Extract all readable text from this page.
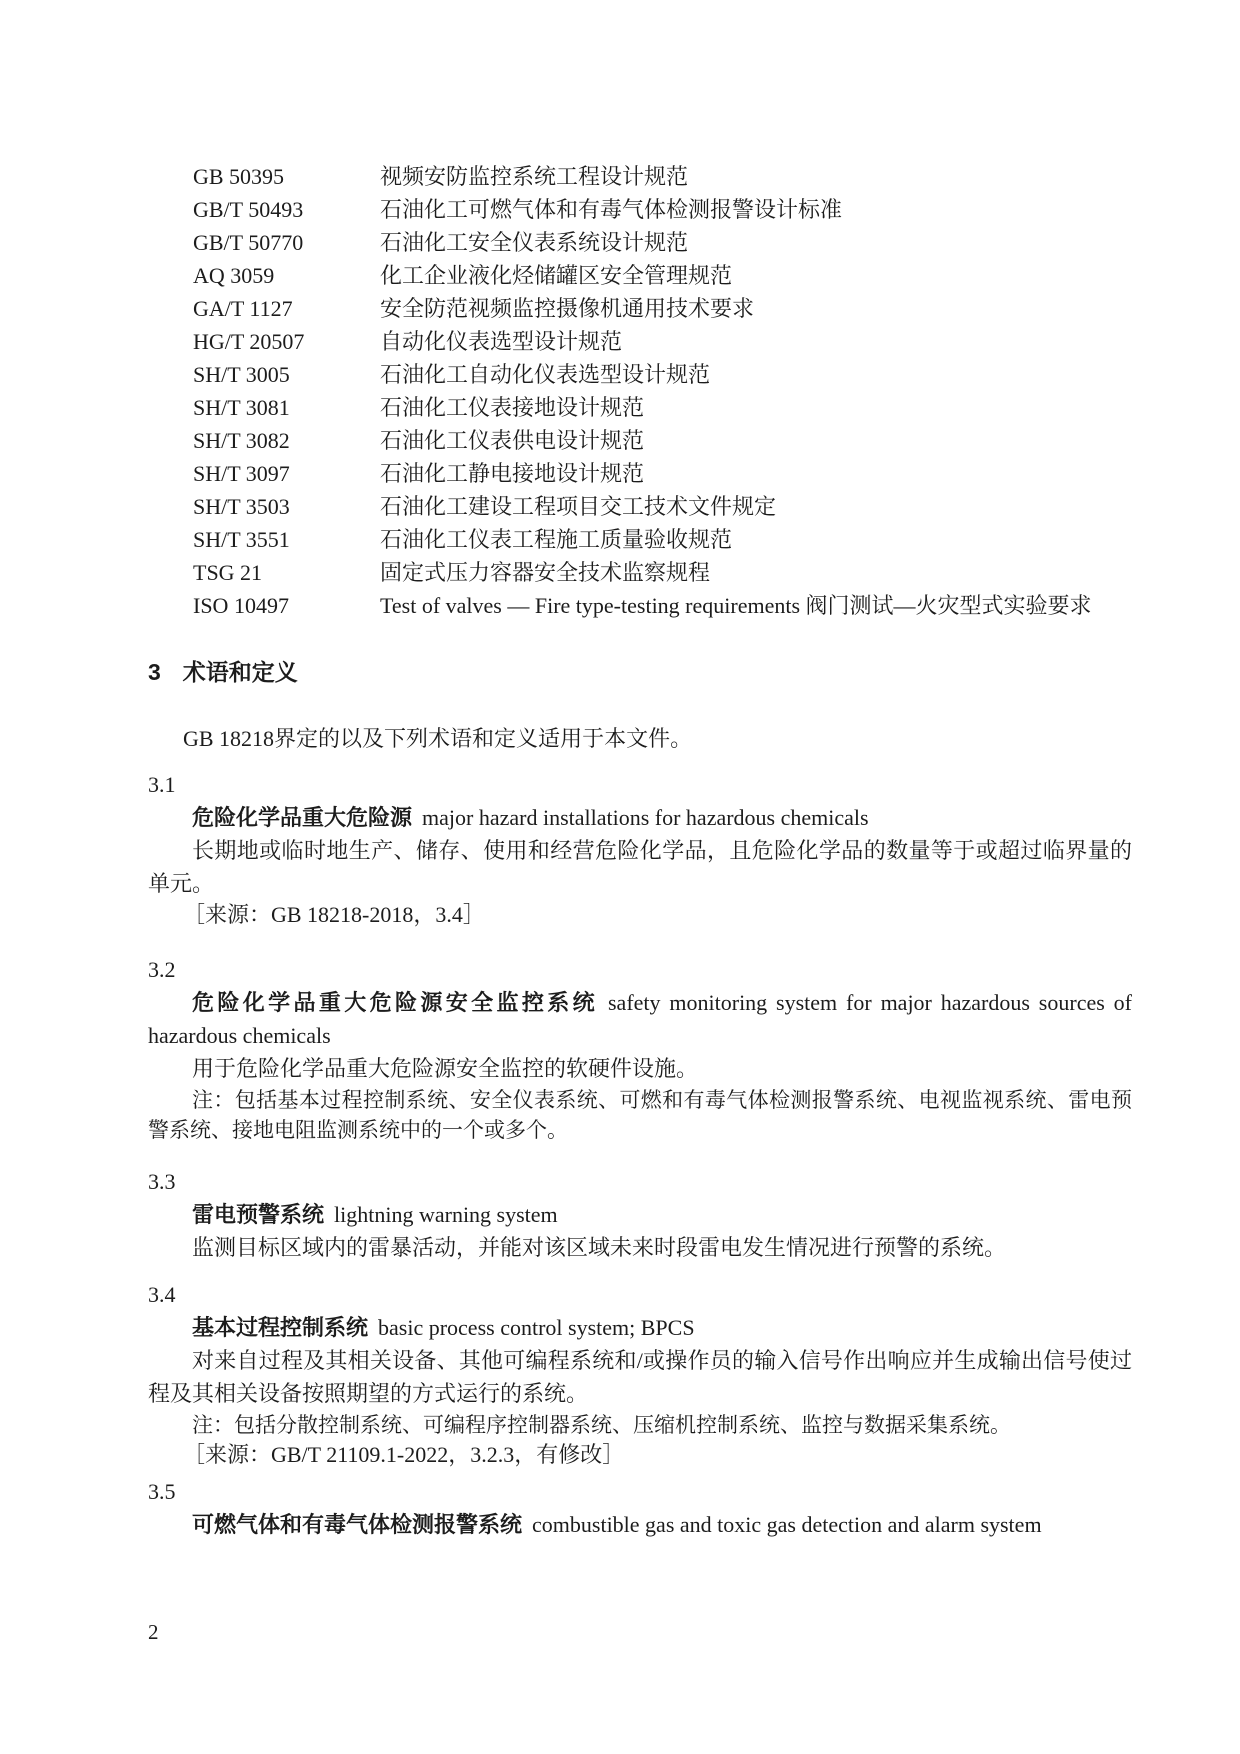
GB 50395	视频安防监控系统工程设计规范
GB/T 50493	石油化工可燃气体和有毒气体检测报警设计标准
GB/T 50770	石油化工安全仪表系统设计规范
AQ 3059	化工企业液化烃储罐区安全管理规范
GA/T 1127	安全防范视频监控摄像机通用技术要求
HG/T 20507	自动化仪表选型设计规范
SH/T 3005	石油化工自动化仪表选型设计规范
SH/T 3081	石油化工仪表接地设计规范
SH/T 3082	石油化工仪表供电设计规范
SH/T 3097	石油化工静电接地设计规范
SH/T 3503	石油化工建设工程项目交工技术文件规定
SH/T 3551	石油化工仪表工程施工质量验收规范
TSG 21	固定式压力容器安全技术监察规程
ISO 10497	Test of valves — Fire type-testing requirements 阀门测试—火灾型式实验要求
3 术语和定义
GB 18218界定的以及下列术语和定义适用于本文件。
3.1
危险化学品重大危险源 major hazard installations for hazardous chemicals
长期地或临时地生产、储存、使用和经营危险化学品，且危险化学品的数量等于或超过临界量的单元。
［来源：GB 18218-2018，3.4］
3.2
危险化学品重大危险源安全监控系统 safety monitoring system for major hazardous sources of hazardous chemicals
用于危险化学品重大危险源安全监控的软硬件设施。
注：包括基本过程控制系统、安全仪表系统、可燃和有毒气体检测报警系统、电视监视系统、雷电预警系统、接地电阻监测系统中的一个或多个。
3.3
雷电预警系统 lightning warning system
监测目标区域内的雷暴活动，并能对该区域未来时段雷电发生情况进行预警的系统。
3.4
基本过程控制系统 basic process control system; BPCS
对来自过程及其相关设备、其他可编程系统和/或操作员的输入信号作出响应并生成输出信号使过程及其相关设备按照期望的方式运行的系统。
注：包括分散控制系统、可编程序控制器系统、压缩机控制系统、监控与数据采集系统。
［来源：GB/T 21109.1-2022，3.2.3，有修改］
3.5
可燃气体和有毒气体检测报警系统 combustible gas and toxic gas detection and alarm system
2
